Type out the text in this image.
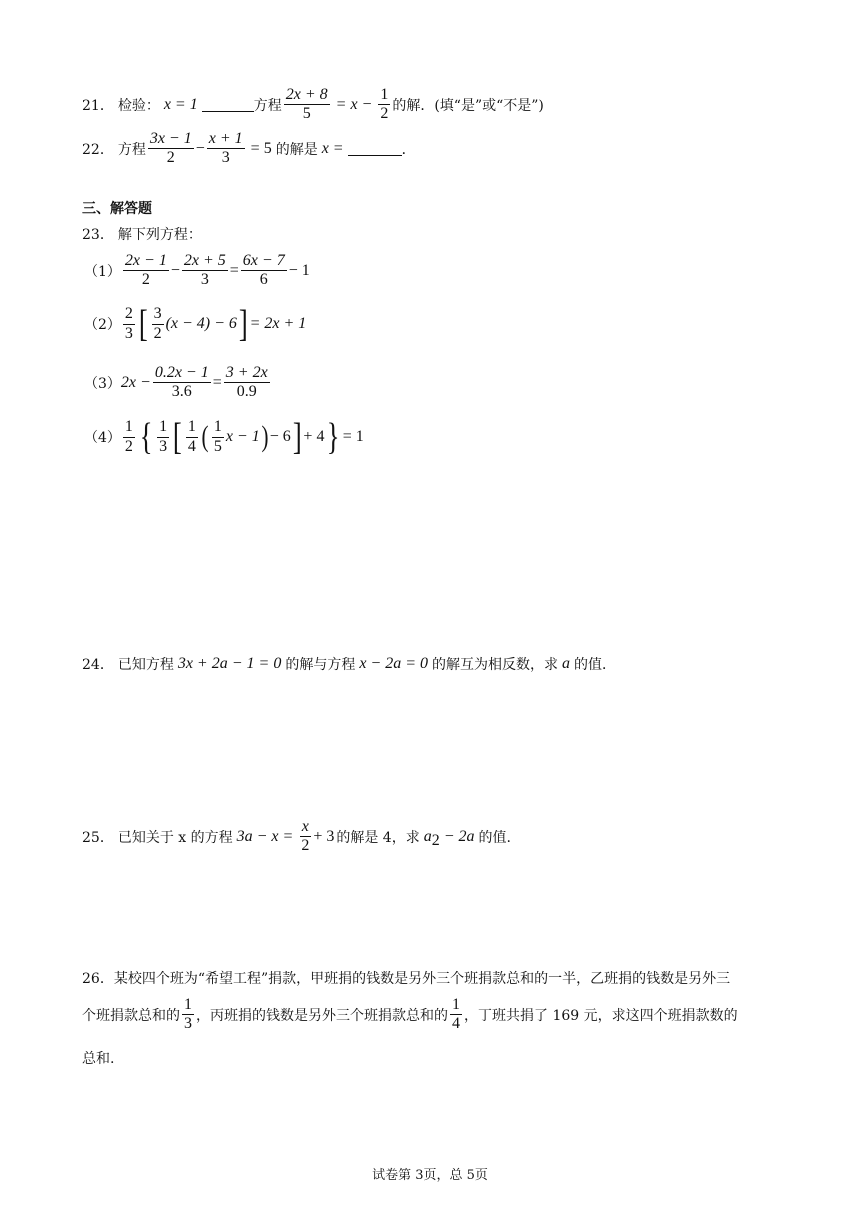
21． 检验： x = 1	方程 $\frac{2x + 8}{5} = x - \frac{1}{2}$ 的解．(填“是”或“不是”)
22． 方程 $\frac{3x - 1}{2} - \frac{x + 1}{3} = 5$ 的解是 x =	．
三、解答题
23． 解下列方程：
$(1) \frac{2x - 1}{2} - \frac{2x + 5}{3} = \frac{6x - 7}{6} - 1$
$(2) \frac{2}{3}$ [ $\frac{3}{2} (x - 4) - 6$ ] = 2x + 1
（3） $2x - \frac{0.2x - 1}{3.6} = \frac{3 + 2x}{0.9}$
$(4) \frac{1}{2}$ { $\frac{1}{3}$ [ $\frac{1}{4}$ ( $\frac{1}{5}$ x − 1 ) − 6 ] + 4 } = 1
24． 已知方程 3x + 2a − 1 = 0 的解与方程 x − 2a = 0 的解互为相反数，求 a 的值．
25． 已知关于 x 的方程 $3a - x = \frac{x}{2} + 3$ 的解是 4，求 a 2 − 2a 的值.
26．某校四个班为“希望工程”捐款，甲班捐的钱数是另外三个班捐款总和的一半，乙班捐的钱数是另外三
个班捐款总和的 $\frac{1}{3}$ ，丙班捐的钱数是另外三个班捐款总和的 $\frac{1}{4}$ ，丁班共捐了 169 元，求这四个班捐款数的
总和.
试卷第 3页，总 5页
